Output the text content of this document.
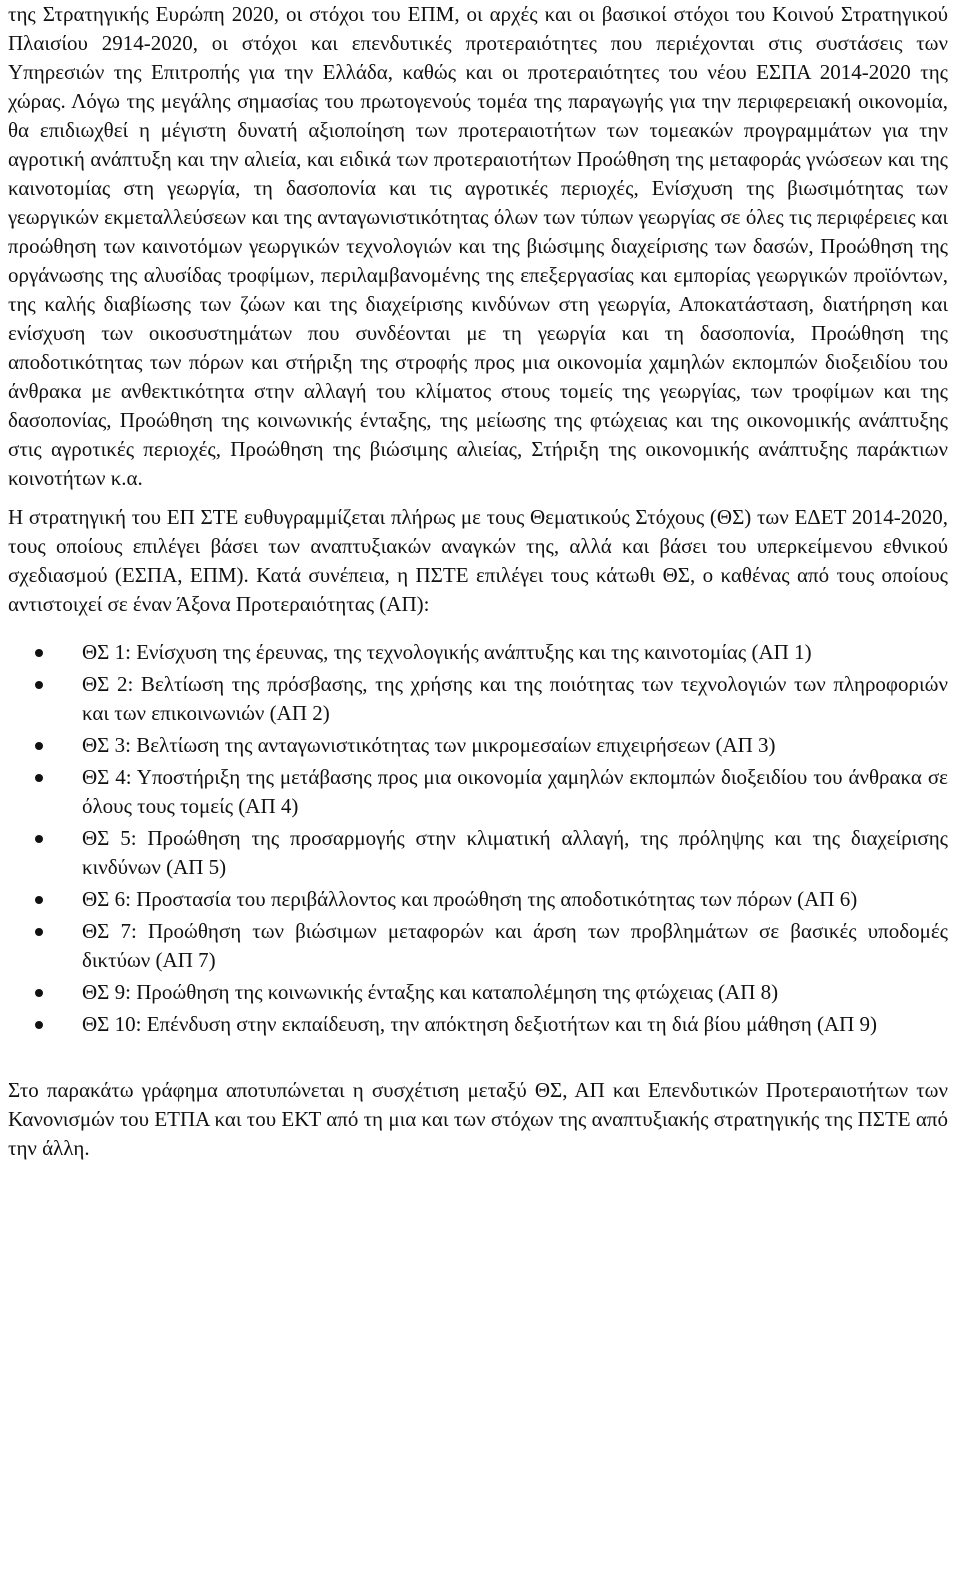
της Στρατηγικής Ευρώπη 2020, οι στόχοι του ΕΠΜ, οι αρχές και οι βασικοί στόχοι του Κοινού Στρατηγικού Πλαισίου 2914-2020, οι στόχοι και επενδυτικές προτεραιότητες που περιέχονται στις συστάσεις των Υπηρεσιών της Επιτροπής για την Ελλάδα, καθώς και οι προτεραιότητες του νέου ΕΣΠΑ 2014-2020 της χώρας. Λόγω της μεγάλης σημασίας του πρωτογενούς τομέα της παραγωγής για την περιφερειακή οικονομία, θα επιδιωχθεί η μέγιστη δυνατή αξιοποίηση των προτεραιοτήτων των τομεακών προγραμμάτων για την αγροτική ανάπτυξη και την αλιεία, και ειδικά των προτεραιοτήτων Προώθηση της μεταφοράς γνώσεων και της καινοτομίας στη γεωργία, τη δασοπονία και τις αγροτικές περιοχές, Ενίσχυση της βιωσιμότητας των γεωργικών εκμεταλλεύσεων και της ανταγωνιστικότητας όλων των τύπων γεωργίας σε όλες τις περιφέρειες και προώθηση των καινοτόμων γεωργικών τεχνολογιών και της βιώσιμης διαχείρισης των δασών, Προώθηση της οργάνωσης της αλυσίδας τροφίμων, περιλαμβανομένης της επεξεργασίας και εμπορίας γεωργικών προϊόντων, της καλής διαβίωσης των ζώων και της διαχείρισης κινδύνων στη γεωργία, Αποκατάσταση, διατήρηση και ενίσχυση των οικοσυστημάτων που συνδέονται με τη γεωργία και τη δασοπονία, Προώθηση της αποδοτικότητας των πόρων και στήριξη της στροφής προς μια οικονομία χαμηλών εκπομπών διοξειδίου του άνθρακα με ανθεκτικότητα στην αλλαγή του κλίματος στους τομείς της γεωργίας, των τροφίμων και της δασοπονίας, Προώθηση της κοινωνικής ένταξης, της μείωσης της φτώχειας και της οικονομικής ανάπτυξης στις αγροτικές περιοχές, Προώθηση της βιώσιμης αλιείας, Στήριξη της οικονομικής ανάπτυξης παράκτιων κοινοτήτων κ.α.

Η στρατηγική του ΕΠ ΣΤΕ ευθυγραμμίζεται πλήρως με τους Θεματικούς Στόχους (ΘΣ) των ΕΔΕΤ 2014-2020, τους οποίους επιλέγει βάσει των αναπτυξιακών αναγκών της, αλλά και βάσει του υπερκείμενου εθνικού σχεδιασμού (ΕΣΠΑ, ΕΠΜ). Κατά συνέπεια, η ΠΣΤΕ επιλέγει τους κάτωθι ΘΣ, ο καθένας από τους οποίους αντιστοιχεί σε έναν Άξονα Προτεραιότητας (ΑΠ):

ΘΣ 1: Ενίσχυση της έρευνας, της τεχνολογικής ανάπτυξης και της καινοτομίας (ΑΠ 1)
ΘΣ 2: Βελτίωση της πρόσβασης, της χρήσης και της ποιότητας των τεχνολογιών των πληροφοριών και των επικοινωνιών (ΑΠ 2)
ΘΣ 3: Βελτίωση της ανταγωνιστικότητας των μικρομεσαίων επιχειρήσεων (ΑΠ 3)
ΘΣ 4: Υποστήριξη της μετάβασης προς μια οικονομία χαμηλών εκπομπών διοξειδίου του άνθρακα σε όλους τους τομείς (ΑΠ 4)
ΘΣ 5: Προώθηση της προσαρμογής στην κλιματική αλλαγή, της πρόληψης και της διαχείρισης κινδύνων (ΑΠ 5)
ΘΣ 6: Προστασία του περιβάλλοντος και προώθηση της αποδοτικότητας των πόρων (ΑΠ 6)
ΘΣ 7: Προώθηση των βιώσιμων μεταφορών και άρση των προβλημάτων σε βασικές υποδομές δικτύων (ΑΠ 7)
ΘΣ 9: Προώθηση της κοινωνικής ένταξης και καταπολέμηση της φτώχειας (ΑΠ 8)
ΘΣ 10: Επένδυση στην εκπαίδευση, την απόκτηση δεξιοτήτων και τη διά βίου μάθηση (ΑΠ 9)

Στο παρακάτω γράφημα αποτυπώνεται η συσχέτιση μεταξύ ΘΣ, ΑΠ και Επενδυτικών Προτεραιοτήτων των Κανονισμών του ΕΤΠΑ και του ΕΚΤ από τη μια και των στόχων της αναπτυξιακής στρατηγικής της ΠΣΤΕ από την άλλη.
